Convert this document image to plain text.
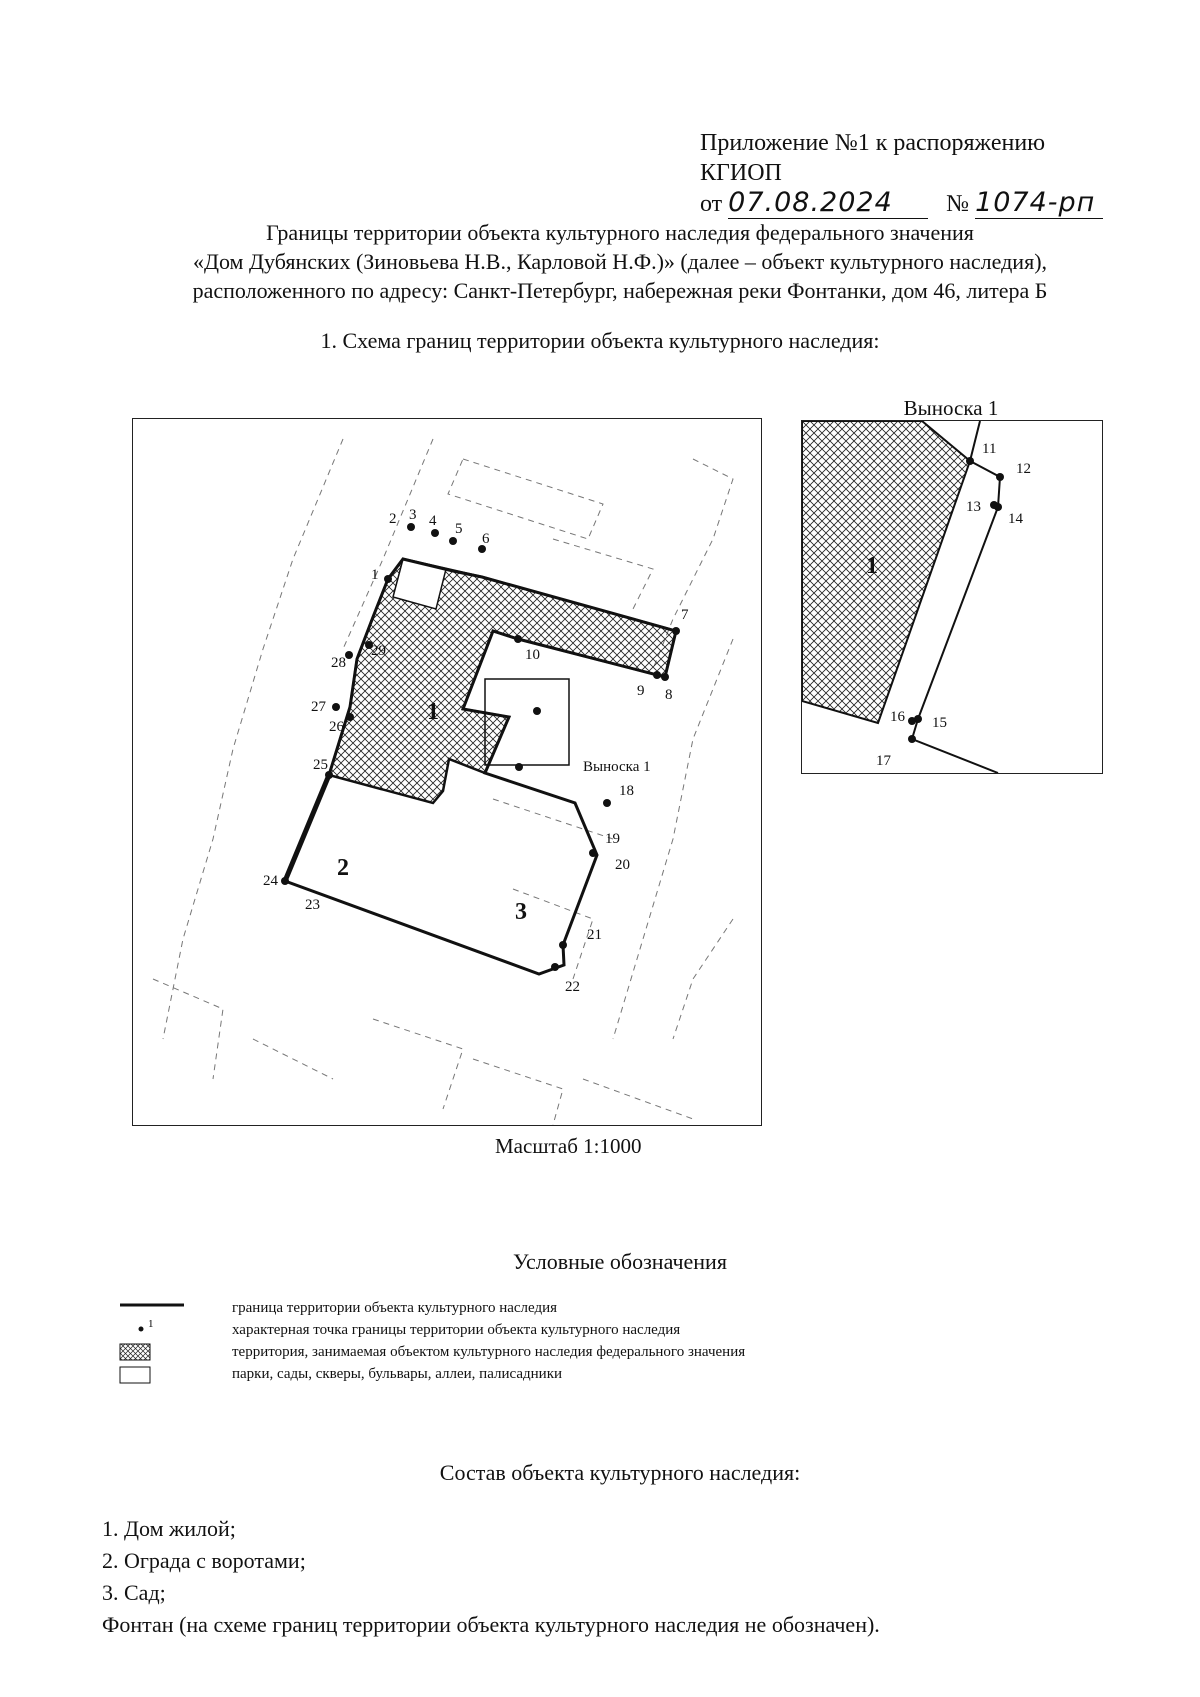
Приложение №1 к распоряжению КГИОП
от 07.08.2024 № 1074-рп
Границы территории объекта культурного наследия федерального значения
«Дом Дубянских (Зиновьева Н.В., Карловой Н.Ф.)» (далее – объект культурного наследия),
расположенного по адресу: Санкт-Петербург, набережная реки Фонтанки, дом 46, литера Б
1. Схема границ территории объекта культурного наследия:
1
2 3 4 5
6
7
8
9
10
18
19
20
21
22
23
24
25
26
27
28
29
1
2
3
Выноска 1
Выноска 1
11
12
13
14
15
16
17
1
Масштаб 1:1000
Условные обозначения
граница территории объекта культурного наследия
1	характерная точка границы территории объекта культурного наследия
территория, занимаемая объектом культурного наследия федерального значения
парки, сады, скверы, бульвары, аллеи, палисадники
Состав объекта культурного наследия:
1. Дом жилой;
2. Ограда с воротами;
3. Сад;
Фонтан (на схеме границ территории объекта культурного наследия не обозначен).
